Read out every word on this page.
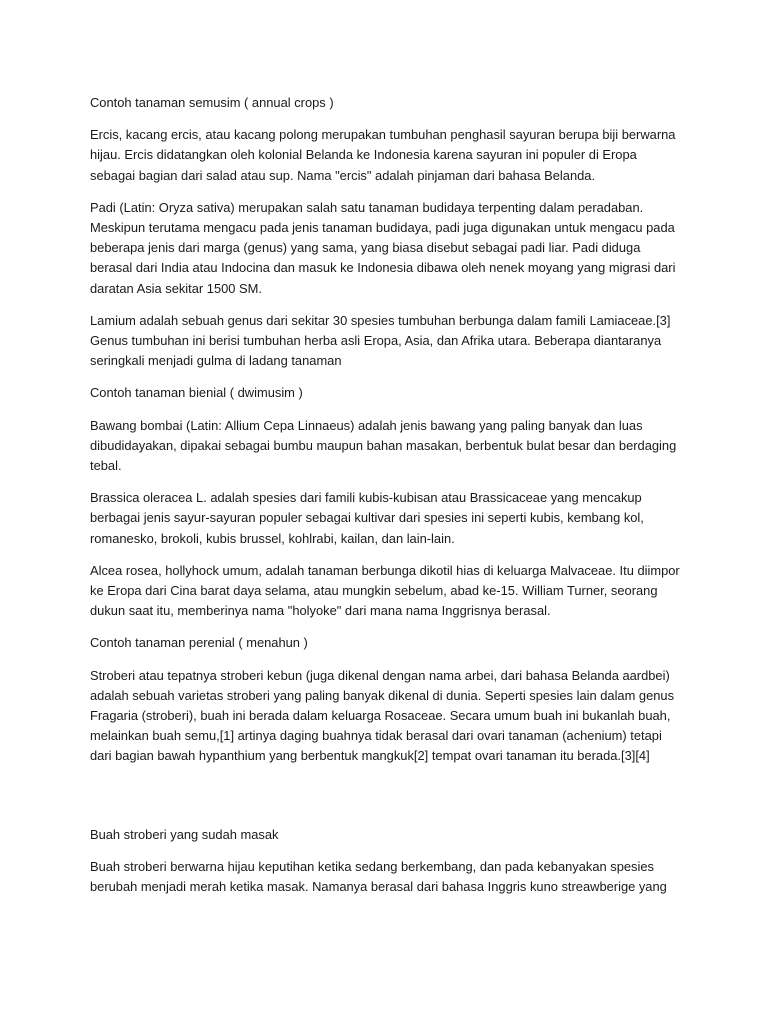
Contoh tanaman semusim ( annual crops )

Ercis, kacang ercis, atau kacang polong merupakan tumbuhan penghasil sayuran berupa biji berwarna hijau. Ercis didatangkan oleh kolonial Belanda ke Indonesia karena sayuran ini populer di Eropa sebagai bagian dari salad atau sup. Nama "ercis" adalah pinjaman dari bahasa Belanda.

Padi (Latin: Oryza sativa) merupakan salah satu tanaman budidaya terpenting dalam peradaban. Meskipun terutama mengacu pada jenis tanaman budidaya, padi juga digunakan untuk mengacu pada beberapa jenis dari marga (genus) yang sama, yang biasa disebut sebagai padi liar. Padi diduga berasal dari India atau Indocina dan masuk ke Indonesia dibawa oleh nenek moyang yang migrasi dari daratan Asia sekitar 1500 SM.

Lamium adalah sebuah genus dari sekitar 30 spesies tumbuhan berbunga dalam famili Lamiaceae.[3] Genus tumbuhan ini berisi tumbuhan herba asli Eropa, Asia, dan Afrika utara. Beberapa diantaranya seringkali menjadi gulma di ladang tanaman

Contoh tanaman bienial ( dwimusim )

Bawang bombai (Latin: Allium Cepa Linnaeus) adalah jenis bawang yang paling banyak dan luas dibudidayakan, dipakai sebagai bumbu maupun bahan masakan, berbentuk bulat besar dan berdaging tebal.

Brassica oleracea L. adalah spesies dari famili kubis-kubisan atau Brassicaceae yang mencakup berbagai jenis sayur-sayuran populer sebagai kultivar dari spesies ini seperti kubis, kembang kol, romanesko, brokoli, kubis brussel, kohlrabi, kailan, dan lain-lain.

Alcea rosea, hollyhock umum, adalah tanaman berbunga dikotil hias di keluarga Malvaceae. Itu diimpor ke Eropa dari Cina barat daya selama, atau mungkin sebelum, abad ke-15. William Turner, seorang dukun saat itu, memberinya nama "holyoke" dari mana nama Inggrisnya berasal.

Contoh tanaman perenial ( menahun )

Stroberi atau tepatnya stroberi kebun (juga dikenal dengan nama arbei, dari bahasa Belanda aardbei) adalah sebuah varietas stroberi yang paling banyak dikenal di dunia. Seperti spesies lain dalam genus Fragaria (stroberi), buah ini berada dalam keluarga Rosaceae. Secara umum buah ini bukanlah buah, melainkan buah semu,[1] artinya daging buahnya tidak berasal dari ovari tanaman (achenium) tetapi dari bagian bawah hypanthium yang berbentuk mangkuk[2] tempat ovari tanaman itu berada.[3][4]

Buah stroberi yang sudah masak

Buah stroberi berwarna hijau keputihan ketika sedang berkembang, dan pada kebanyakan spesies berubah menjadi merah ketika masak. Namanya berasal dari bahasa Inggris kuno streawberige yang
